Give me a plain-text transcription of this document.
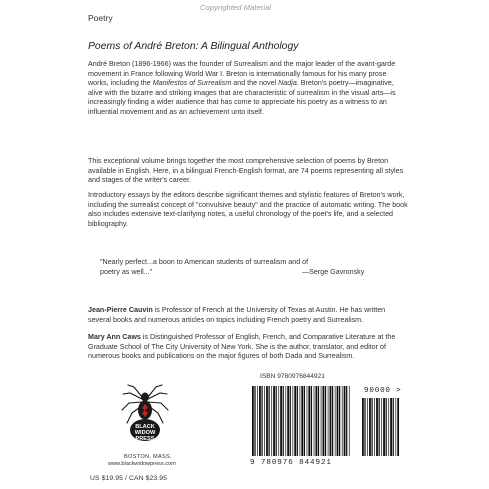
Copyrighted Material
Poetry
Poems of André Breton: A Bilingual Anthology
André Breton (1896-1966) was the founder of Surrealism and the major leader of the avant-garde movement in France following World War I. Breton is internationally famous for his many prose works, including the Manifestos of Surrealism and the novel Nadja. Breton's poetry—imaginative, alive with the bizarre and striking images that are characteristic of surrealism in the visual arts—is increasingly finding a wider audience that has come to appreciate his poetry as a witness to an influential movement and as an achievement unto itself.
This exceptional volume brings together the most comprehensive selection of poems by Breton available in English. Here, in a bilingual French-English format, are 74 poems representing all styles and stages of the writer's career.
Introductory essays by the editors describe significant themes and stylistic features of Breton's work, including the surrealist concept of "convulsive beauty" and the practice of automatic writing. The book also includes extensive text-clarifying notes, a useful chronology of the poet's life, and a selected bibliography.
"Nearly perfect...a boon to American students of surrealism and of
poetry as well..."	—Serge Gavronsky
Jean-Pierre Cauvin is Professor of French at the University of Texas at Austin. He has written several books and numerous articles on topics including French poetry and Surrealism.
Mary Ann Caws is Distinguished Professor of English, French, and Comparative Literature at the Graduate School of The City University of New York. She is the author, translator, and editor of numerous books and publications on the major figures of both Dada and Surrealism.
BLACK
WIDOW
PRESS
BOSTON, MASS.
www.blackwidowpress.com
US $19.95 / CAN $23.95
ISBN 9780976844921
9 780976 844921
90000 >
